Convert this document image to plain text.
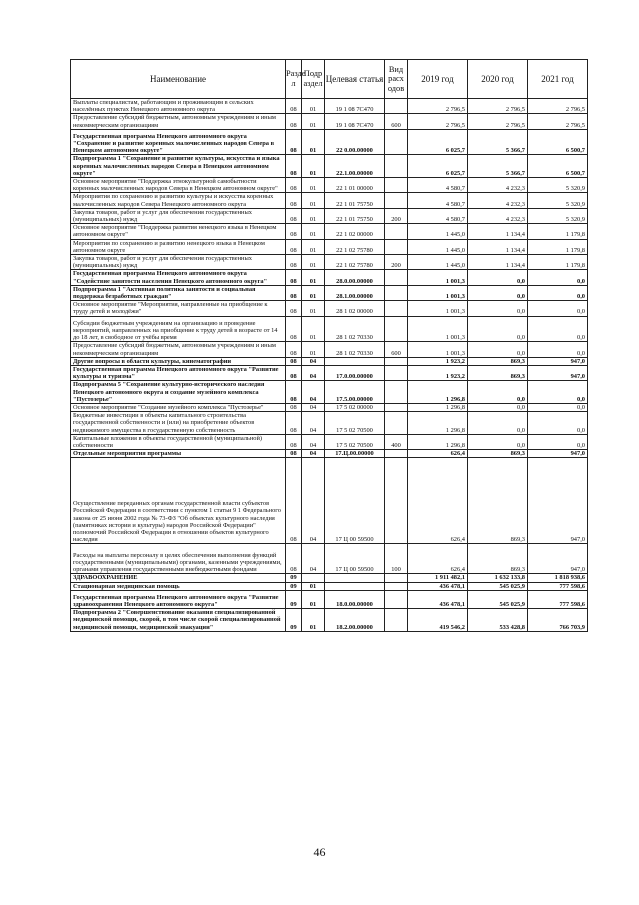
Наименование	Разде л	Подр аздел	Целевая статья	Вид расх одов	2019 год	2020 год	2021 год
Выплаты специалистам, работающим и проживающим в сельских населённых пунктах Ненецкого автономного округа	08	01	19 1 08 7С470		2 796,5	2 796,5	2 796,5
Предоставление субсидий бюджетным, автономным учреждениям и иным некоммерческим организациям	08	01	19 1 08 7С470	600	2 796,5	2 796,5	2 796,5
Государственная программа Ненецкого автономного округа "Сохранение и развитие коренных малочисленных народов Севера в Ненецком автономном округе"	08	01	22 0.00.00000		6 025,7	5 366,7	6 500,7
Подпрограмма 1 "Сохранение и развитие культуры, искусства и языка коренных малочисленных народов Севера в Ненецком автономном округе"	08	01	22.1.00.00000		6 025,7	5 366,7	6 500,7
Основное мероприятие "Поддержка этнокультурной самобытности коренных малочисленных народов Севера в Ненецком автономном округе"	08	01	22 1 01 00000		4 580,7	4 232,3	5 320,9
Мероприятия по сохранению и развитию культуры и искусства коренных малочисленных народов Севера Ненецкого автономного округа	08	01	22 1 01 75750		4 580,7	4 232,3	5 320,9
Закупка товаров, работ и услуг для обеспечения государственных (муниципальных) нужд	08	01	22 1 01 75750	200	4 580,7	4 232,3	5 320,9
Основное мероприятие "Поддержка развития ненецкого языка в Ненецком автономном округе"	08	01	22 1 02 00000		1 445,0	1 134,4	1 179,8
Мероприятия по сохранению и развитию ненецкого языка в Ненецком автономном округе	08	01	22 1 02 75780		1 445,0	1 134,4	1 179,8
Закупка товаров, работ и услуг для обеспечения государственных (муниципальных) нужд	08	01	22 1 02 75780	200	1 445,0	1 134,4	1 179,8
Государственная программа Ненецкого автономного округа "Содействие занятости населения Ненецкого автономного округа"	08	01	28.0.00.00000		1 001,3	0,0	0,0
Подпрограмма 1 "Активная политика занятости и социальная поддержка безработных граждан"	08	01	28.1.00.00000		1 001,3	0,0	0,0
Основное мероприятие "Мероприятия, направленные на приобщение к труду детей и молодёжи"	08	01	28 1 02 00000		1 001,3	0,0	0,0
Субсидии бюджетным учреждениям на организацию и проведение мероприятий, направленных на приобщение к труду детей в возрасте от 14 до 18 лет, в свободное от учёбы время	08	01	28 1 02 70330		1 001,3	0,0	0,0
Предоставление субсидий бюджетным, автономным учреждениям и иным некоммерческим организациям	08	01	28 1 02 70330	600	1 001,3	0,0	0,0
Другие вопросы в области культуры, кинематографии	08	04			1 923,2	869,3	947,0
Государственная программа Ненецкого автономного округа "Развитие культуры и туризма"	08	04	17.0.00.00000		1 923,2	869,3	947,0
Подпрограмма 5 "Сохранение культурно-исторического наследия Ненецкого автономного округа и создание музейного комплекса "Пустозерье"	08	04	17.5.00.00000		1 296,8	0,0	0,0
Основное мероприятие "Создание музейного комплекса "Пустозерье"	08	04	17 5 02 00000		1 296,8	0,0	0,0
Бюджетные инвестиции в объекты капитального строительства государственной собственности и (или) на приобретение объектов недвижимого имущества в государственную собственность	08	04	17 5 02 70500		1 296,8	0,0	0,0
Капитальные вложения в объекты государственной (муниципальной) собственности	08	04	17 5 02 70500	400	1 296,8	0,0	0,0
Отдельные мероприятия программы	08	04	17.Ц.00.00000		626,4	869,3	947,0
Осуществление переданных органам государственной власти субъектов Российской Федерации в соответствии с пунктом 1 статьи 9 1 Федерального закона от 25 июня 2002 года № 73-ФЗ "Об объектах культурного наследия (памятниках истории и культуры) народов Российской Федерации" полномочий Российской Федерации в отношении объектов культурного наследия	08	04	17 Ц 00 59500		626,4	869,3	947,0
Расходы на выплаты персоналу в целях обеспечения выполнения функций государственными (муниципальными) органами, казенными учреждениями, органами управления государственными внебюджетными фондами	08	04	17 Ц 00 59500	100	626,4	869,3	947,0
ЗДРАВООХРАНЕНИЕ	09				1 911 482,1	1 632 133,8	1 818 938,6
Стационарная медицинская помощь	09	01			436 478,1	545 025,9	777 598,6
Государственная программа Ненецкого автономного округа "Развитие здравоохранения Ненецкого автономного округа"	09	01	18.0.00.00000		436 478,1	545 025,9	777 598,6
Подпрограмма 2 "Совершенствование оказания специализированной медицинской помощи, скорой, в том числе скорой специализированной медицинской помощи, медицинской эвакуации"	09	01	18.2.00.00000		419 546,2	533 428,8	766 703,9
46
